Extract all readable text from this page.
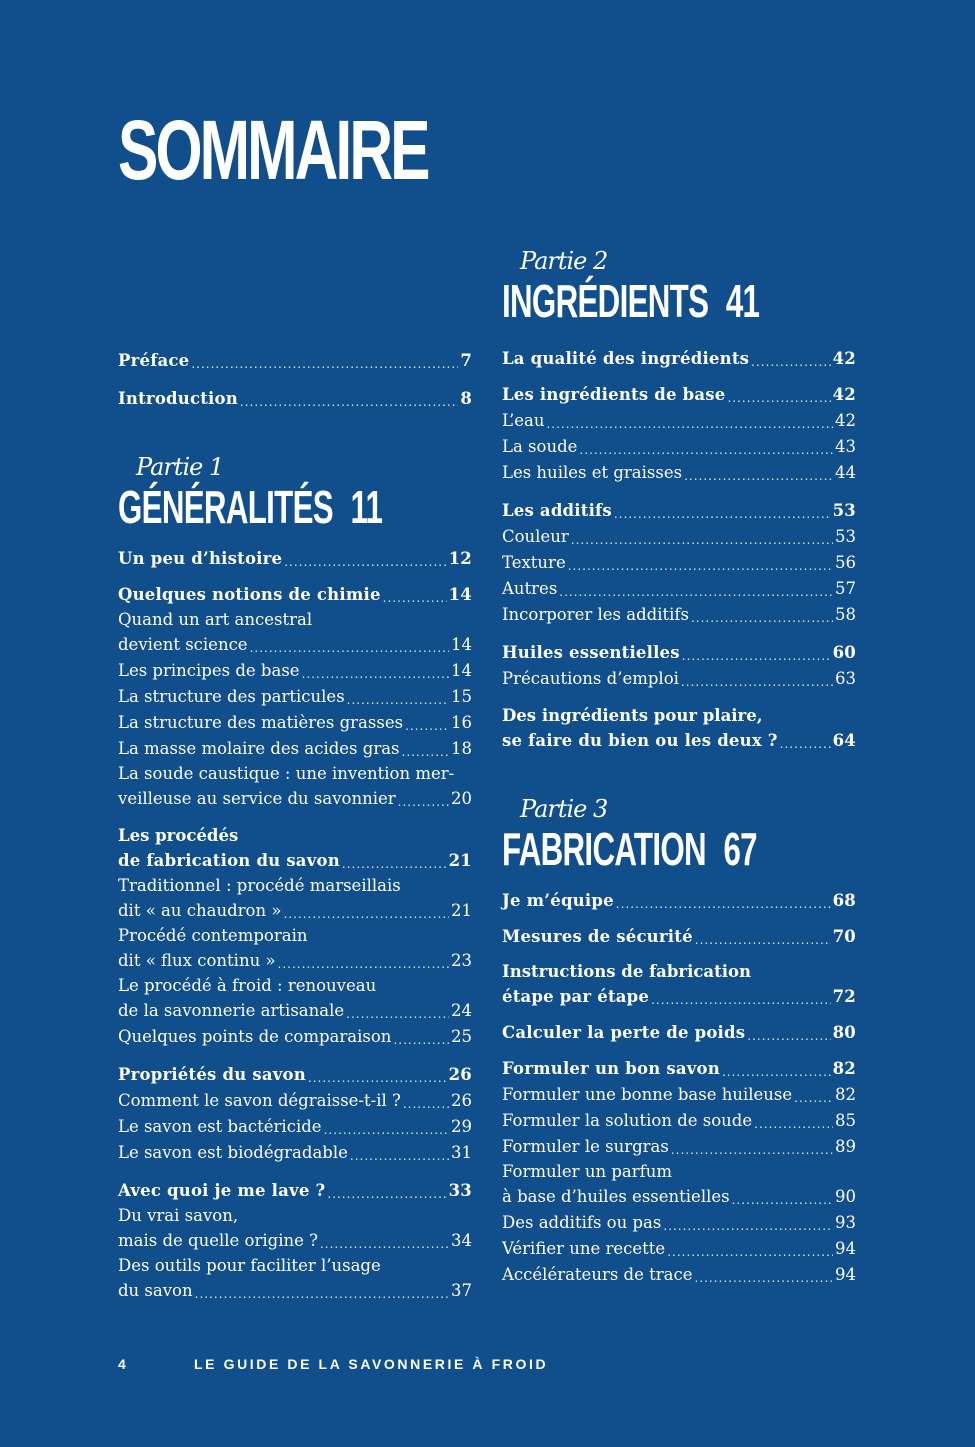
SOMMAIRE
Préface .....	7
Introduction .....	8
Partie 1
GÉNÉRALITÉS 11
Un peu d’histoire .....	12
Quelques notions de chimie .....	14
Quand un art ancestral
devient science .....	14
Les principes de base .....	14
La structure des particules .....	15
La structure des matières grasses .....	16
La masse molaire des acides gras .....	18
La soude caustique : une invention mer-
veilleuse au service du savonnier .....	20
Les procédés
de fabrication du savon .....	21
Traditionnel : procédé marseillais
dit « au chaudron » .....	21
Procédé contemporain
dit « flux continu » .....	23
Le procédé à froid : renouveau
de la savonnerie artisanale .....	24
Quelques points de comparaison .....	25
Propriétés du savon .....	26
Comment le savon dégraisse-t-il ? .....	26
Le savon est bactéricide .....	29
Le savon est biodégradable .....	31
Avec quoi je me lave ? .....	33
Du vrai savon,
mais de quelle origine ? .....	34
Des outils pour faciliter l’usage
du savon .....	37
Partie 2
INGRÉDIENTS 41
La qualité des ingrédients .....	42
Les ingrédients de base .....	42
L’eau .....	42
La soude .....	43
Les huiles et graisses .....	44
Les additifs .....	53
Couleur .....	53
Texture .....	56
Autres .....	57
Incorporer les additifs .....	58
Huiles essentielles .....	60
Précautions d’emploi .....	63
Des ingrédients pour plaire,
se faire du bien ou les deux ? .....	64
Partie 3
FABRICATION 67
Je m’équipe .....	68
Mesures de sécurité .....	70
Instructions de fabrication
étape par étape .....	72
Calculer la perte de poids .....	80
Formuler un bon savon .....	82
Formuler une bonne base huileuse .....	82
Formuler la solution de soude .....	85
Formuler le surgras .....	89
Formuler un parfum
à base d’huiles essentielles .....	90
Des additifs ou pas .....	93
Vérifier une recette .....	94
Accélérateurs de trace .....	94
4	LE GUIDE DE LA SAVONNERIE À FROID
